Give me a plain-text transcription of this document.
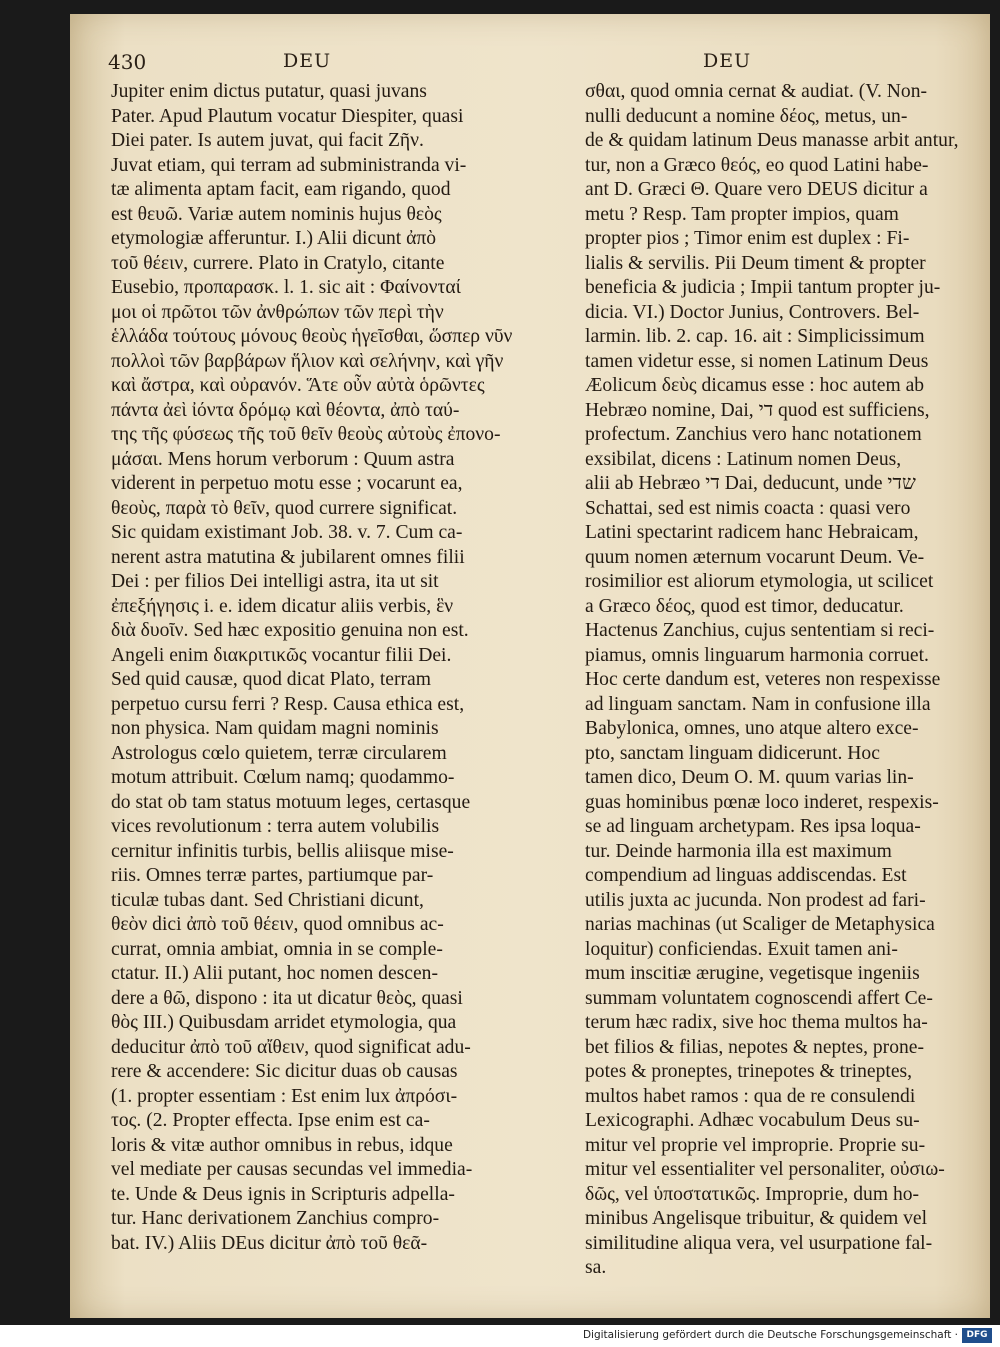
430	DEU	DEU
Jupiter enim dictus putatur, quasi juvans
Pater. Apud Plautum vocatur Diespiter, quasi
Diei pater. Is autem juvat, qui facit Ζῆν.
Juvat etiam, qui terram ad subministranda vi-
tæ alimenta aptam facit, eam rigando, quod
est θευῶ. Variæ autem nominis hujus θεὸς
etymologiæ afferuntur. I.) Alii dicunt ἀπὸ
τοῦ θέειν, currere. Plato in Cratylo, citante
Eusebio, προπαρασκ. l. 1. sic ait : Φαίνονταί
μοι οἱ πρῶτοι τῶν ἀνθρώπων τῶν περὶ τὴν
ἑλλάδα τούτους μόνους θεοὺς ἡγεῖσθαι, ὥσπερ νῦν
πολλοὶ τῶν βαρβάρων ἥλιον καὶ σελήνην, καὶ γῆν
καὶ ἄστρα, καὶ οὐρανόν. Ἅτε οὖν αὐτὰ ὁρῶντες
πάντα ἀεὶ ἰόντα δρόμῳ καὶ θέοντα, ἀπὸ ταύ-
της τῆς φύσεως τῆς τοῦ θεῖν θεοὺς αὐτοὺς ἐπονο-
μάσαι. Mens horum verborum : Quum astra
viderent in perpetuo motu esse ; vocarunt ea,
θεοὺς, παρὰ τὸ θεῖν, quod currere significat.
Sic quidam existimant Job. 38. v. 7. Cum ca-
nerent astra matutina & jubilarent omnes filii
Dei : per filios Dei intelligi astra, ita ut sit
ἐπεξήγησις i. e. idem dicatur aliis verbis, ἓν
διὰ δυοῖν. Sed hæc expositio genuina non est.
Angeli enim διακριτικῶς vocantur filii Dei.
Sed quid causæ, quod dicat Plato, terram
perpetuo cursu ferri ? Resp. Causa ethica est,
non physica. Nam quidam magni nominis
Astrologus cœlo quietem, terræ circularem
motum attribuit. Cœlum namq; quodammo-
do stat ob tam status motuum leges, certasque
vices revolutionum : terra autem volubilis
cernitur infinitis turbis, bellis aliisque mise-
riis. Omnes terræ partes, partiumque par-
ticulæ tubas dant. Sed Christiani dicunt,
θεὸν dici ἀπὸ τοῦ θέειν, quod omnibus ac-
currat, omnia ambiat, omnia in se comple-
ctatur. II.) Alii putant, hoc nomen descen-
dere a θῶ, dispono : ita ut dicatur θεὸς, quasi
θὸς III.) Quibusdam arridet etymologia, qua
deducitur ἀπὸ τοῦ αἴθειν, quod significat adu-
rere & accendere: Sic dicitur duas ob causas
(1. propter essentiam : Est enim lux ἀπρόσι-
τος. (2. Propter effecta. Ipse enim est ca-
loris & vitæ author omnibus in rebus, idque
vel mediate per causas secundas vel immedia-
te. Unde & Deus ignis in Scripturis adpella-
tur. Hanc derivationem Zanchius compro-
bat. IV.) Aliis DEus dicitur ἀπὸ τοῦ θεᾶ-
σθαι, quod omnia cernat & audiat. (V. Non-
nulli deducunt a nomine δέος, metus, un-
de & quidam latinum Deus manasse arbit antur,
tur, non a Græco θεός, eo quod Latini habe-
ant D. Græci Θ. Quare vero DEUS dicitur a
metu ? Resp. Tam propter impios, quam
propter pios ; Timor enim est duplex : Fi-
lialis & servilis. Pii Deum timent & propter
beneficia & judicia ; Impii tantum propter ju-
dicia. VI.) Doctor Junius, Controvers. Bel-
larmin. lib. 2. cap. 16. ait : Simplicissimum
tamen videtur esse, si nomen Latinum Deus
Æolicum δεὺς dicamus esse : hoc autem ab
Hebræo nomine, Dai, די quod est sufficiens,
profectum. Zanchius vero hanc notationem
exsibilat, dicens : Latinum nomen Deus,
alii ab Hebræo די Dai, deducunt, unde שדי
Schattai, sed est nimis coacta : quasi vero
Latini spectarint radicem hanc Hebraicam,
quum nomen æternum vocarunt Deum. Ve-
rosimilior est aliorum etymologia, ut scilicet
a Græco δέος, quod est timor, deducatur.
Hactenus Zanchius, cujus sententiam si reci-
piamus, omnis linguarum harmonia corruet.
Hoc certe dandum est, veteres non respexisse
ad linguam sanctam. Nam in confusione illa
Babylonica, omnes, uno atque altero exce-
pto, sanctam linguam didicerunt. Hoc
tamen dico, Deum O. M. quum varias lin-
guas hominibus pœnæ loco inderet, respexis-
se ad linguam archetypam. Res ipsa loqua-
tur. Deinde harmonia illa est maximum
compendium ad linguas addiscendas. Est
utilis juxta ac jucunda. Non prodest ad fari-
narias machinas (ut Scaliger de Metaphysica
loquitur) conficiendas. Exuit tamen ani-
mum inscitiæ ærugine, vegetisque ingeniis
summam voluntatem cognoscendi affert Ce-
terum hæc radix, sive hoc thema multos ha-
bet filios & filias, nepotes & neptes, prone-
potes & proneptes, trinepotes & trineptes,
multos habet ramos : qua de re consulendi
Lexicographi. Adhæc vocabulum Deus su-
mitur vel proprie vel improprie. Proprie su-
mitur vel essentialiter vel personaliter, οὐσιω-
δῶς, vel ὑποστατικῶς. Improprie, dum ho-
minibus Angelisque tribuitur, & quidem vel
similitudine aliqua vera, vel usurpatione fal-
sa.
Digitalisierung gefördert durch die Deutsche Forschungsgemeinschaft · DFG
